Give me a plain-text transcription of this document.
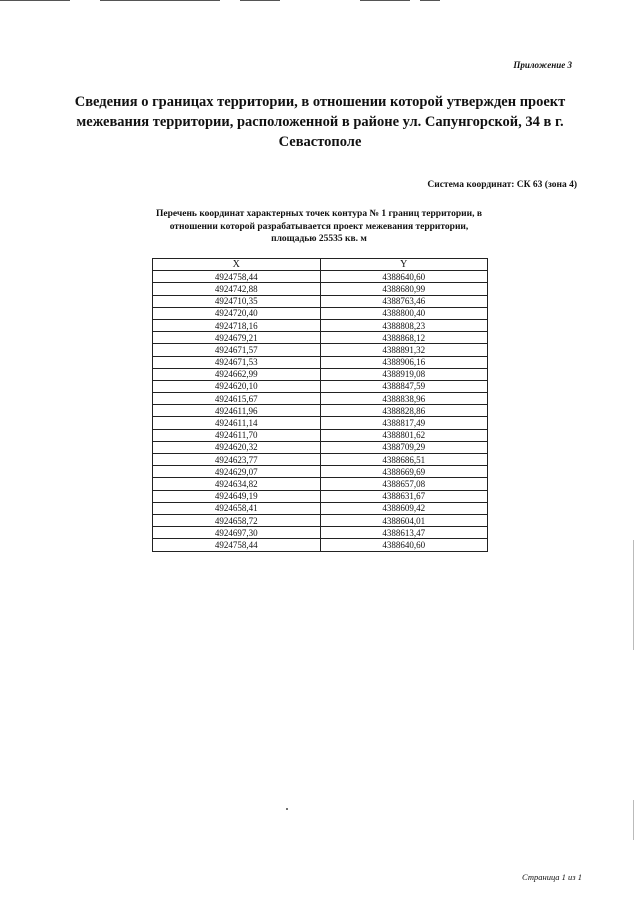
Приложение 3
Сведения о границах территории, в отношении которой утвержден проект межевания территории, расположенной в районе ул. Сапунгорской, 34 в г. Севастополе
Система координат: СК 63 (зона 4)
Перечень координат характерных точек контура № 1 границ территории, в отношении которой разрабатывается проект межевания территории, площадью 25535 кв. м
X	Y
4924758,44	4388640,60
4924742,88	4388680,99
4924710,35	4388763,46
4924720,40	4388800,40
4924718,16	4388808,23
4924679,21	4388868,12
4924671,57	4388891,32
4924671,53	4388906,16
4924662,99	4388919,08
4924620,10	4388847,59
4924615,67	4388838,96
4924611,96	4388828,86
4924611,14	4388817,49
4924611,70	4388801,62
4924620,32	4388709,29
4924623,77	4388686,51
4924629,07	4388669,69
4924634,82	4388657,08
4924649,19	4388631,67
4924658,41	4388609,42
4924658,72	4388604,01
4924697,30	4388613,47
4924758,44	4388640,60
Страница 1 из 1
